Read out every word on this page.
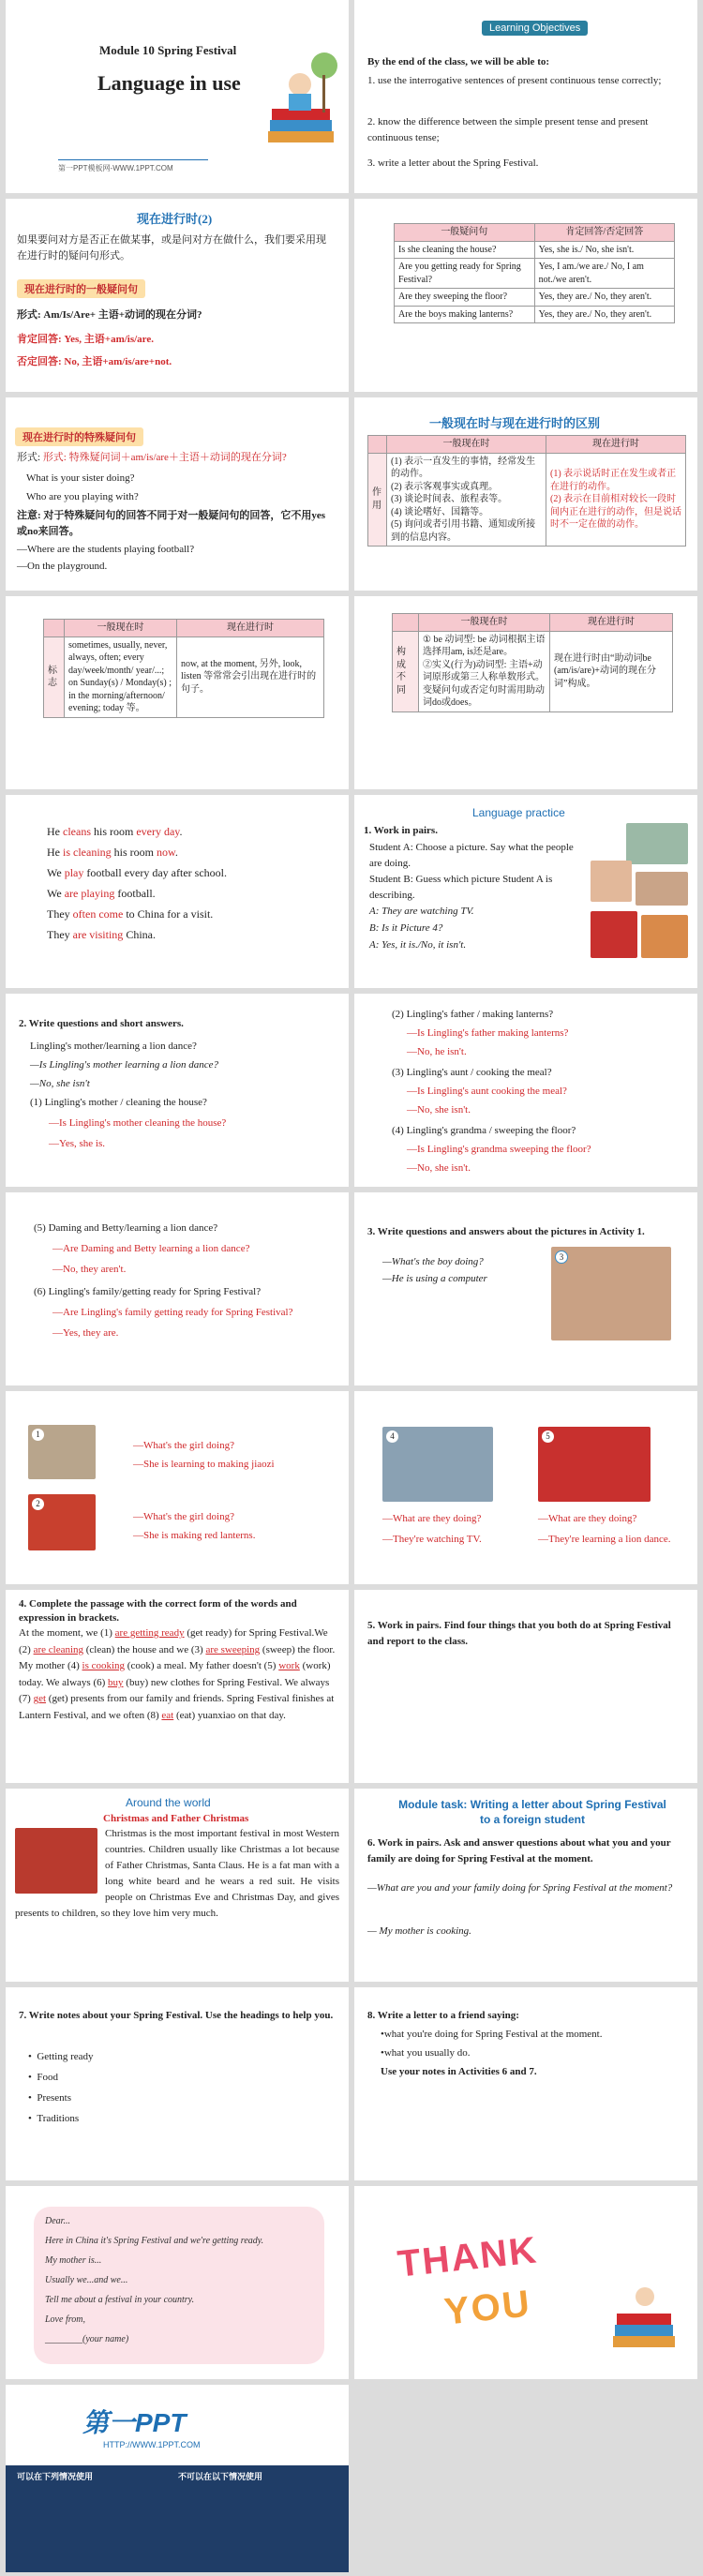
Module 10 Spring Festival
Language in use
第一PPT模板网-WWW.1PPT.COM
Learning Objectives
By the end of the class, we will be able to:
1. use the interrogative sentences of present continuous tense correctly;
2. know the difference between the simple present tense and present continuous tense;
3. write a letter about the Spring Festival.
现在进行时(2)
如果要问对方是否正在做某事，或是问对方在做什么，我们要采用现在进行时的疑问句形式。
现在进行时的一般疑问句
形式: Am/Is/Are+ 主语+动词的现在分词?
肯定回答: Yes, 主语+am/is/are.
否定回答: No, 主语+am/is/are+not.
一般疑问句	肯定回答/否定回答
Is she cleaning the house?	Yes, she is./ No, she isn't.
Are you getting ready for Spring Festival?	Yes, I am./we are./ No, I am not./we aren't.
Are they sweeping the floor?	Yes, they are./ No, they aren't.
Are the boys making lanterns?	Yes, they are./ No, they aren't.
现在进行时的特殊疑问句
形式: 形式: 特殊疑问词＋am/is/are＋主语＋动词的现在分词?
What is your sister doing?
Who are you playing with?
注意: 对于特殊疑问句的回答不同于对一般疑问句的回答，它不用yes或no来回答。
—Where are the students playing football?
—On the playground.
一般现在时与现在进行时的区别
	一般现在时	现在进行时
作用	(1) 表示一直发生的事情，经常发生的动作。
(2) 表示客观事实或真理。
(3) 谈论时间表、旅程表等。
(4) 谈论嗜好、国籍等。
(5) 询问或者引用书籍、通知或所接到的信息内容。	(1) 表示说话时正在发生或者正在进行的动作。
(2) 表示在目前相对较长一段时间内正在进行的动作，但是说话时不一定在做的动作。
	一般现在时	现在进行时
标志	sometimes, usually, never, always, often; every day/week/month/ year/...; on Sunday(s) / Monday(s) ; in the morning/afternoon/ evening; today 等。	now, at the moment, 另外, look, listen 等常常会引出现在进行时的句子。
	一般现在时	现在进行时
构成不同	① be 动词型: be 动词根据主语选择用am, is还是are。
②实义(行为)动词型: 主语+动词原形或第三人称单数形式。变疑问句或否定句时需用助动词do或does。	现在进行时由“助动词be (am/is/are)+动词的现在分词”构成。
He cleans his room every day.
He is cleaning his room now.
We play football every day after school.
We are playing football.
They often come to China for a visit.
They are visiting China.
Language practice
1. Work in pairs.
Student A: Choose a picture. Say what the people are doing.
Student B: Guess which picture Student A is describing.
A: They are watching TV.
B: Is it Picture 4?
A: Yes, it is./No, it isn't.
2. Write questions and short answers.
Lingling's mother/learning a lion dance?
—Is Lingling's mother learning a lion dance?
—No, she isn't
(1) Lingling's mother / cleaning the house?
—Is Lingling's mother cleaning the house?
—Yes, she is.
(2) Lingling's father / making lanterns?
—Is Lingling's father making lanterns?
—No, he isn't.
(3) Lingling's aunt / cooking the meal?
—Is Lingling's aunt cooking the meal?
—No, she isn't.
(4) Lingling's grandma / sweeping the floor?
—Is Lingling's grandma sweeping the floor?
—No, she isn't.
(5) Daming and Betty/learning a lion dance?
—Are Daming and Betty learning a lion dance?
—No, they aren't.
(6) Lingling's family/getting ready for Spring Festival?
—Are Lingling's family getting ready for Spring Festival?
—Yes, they are.
3. Write questions and answers about the pictures in Activity 1.
—What's the boy doing?
—He is using a computer
3
1
2
—What's the girl doing?
—She is learning to making jiaozi
—What's the girl doing?
—She is making red lanterns.
4	5
—What are they doing?
—They're watching TV.
—What are they doing?
—They're learning a lion dance.
4. Complete the passage with the correct form of the words and expression in brackets.
At the moment, we (1) are getting ready (get ready) for Spring Festival.We (2) are cleaning (clean) the house and we (3) are sweeping (sweep) the floor. My mother (4) is cooking (cook) a meal. My father doesn't (5) work (work) today. We always (6) buy (buy) new clothes for Spring Festival. We always (7) get (get) presents from our family and friends. Spring Festival finishes at Lantern Festival, and we often (8) eat (eat) yuanxiao on that day.
5. Work in pairs. Find four things that you both do at Spring Festival and report to the class.
Around the world
Christmas and Father Christmas
Christmas is the most important festival in most Western countries. Children usually like Christmas a lot because of Father Christmas, Santa Claus. He is a fat man with a long white beard and he wears a red suit. He visits people on Christmas Eve and Christmas Day, and gives presents to children, so they love him very much.
Module task: Writing a letter about Spring Festival to a foreign student
6. Work in pairs. Ask and answer questions about what you and your family are doing for Spring Festival at the moment.
—What are you and your family doing for Spring Festival at the moment?
— My mother is cooking.
7. Write notes about your Spring Festival. Use the headings to help you.
•  Getting ready
•  Food
•  Presents
•  Traditions
8. Write a letter to a friend saying:
•what you're doing for Spring Festival at the moment.
•what you usually do.
Use your notes in Activities 6 and 7.
Dear...
Here in China it's Spring Festival and we're getting ready.
My mother is...
Usually we...and we...
Tell me about a festival in your country.
Love from,
________(your name)
THANK
YOU
第一PPT
HTTP://WWW.1PPT.COM
可以在下列情况使用	不可以在以下情况使用
